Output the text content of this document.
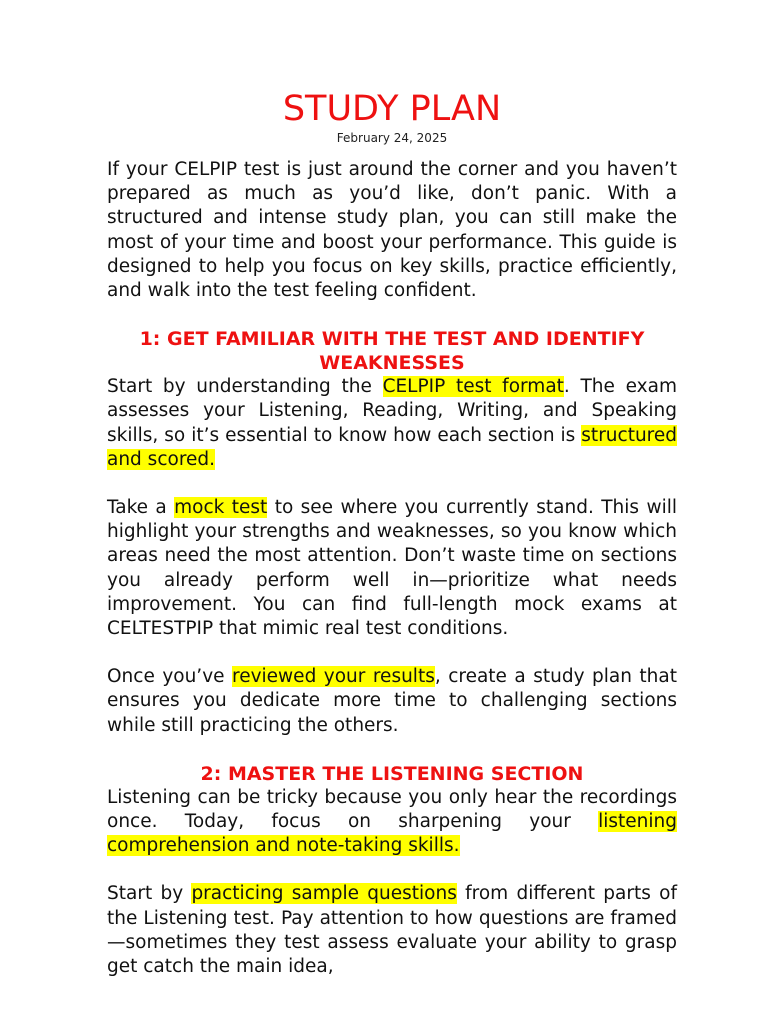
STUDY PLAN
February 24, 2025

If your CELPIP test is just around the corner and you haven’t prepared as much as you’d like, don’t panic. With a structured and intense study plan, you can still make the most of your time and boost your performance. This guide is designed to help you focus on key skills, practice efficiently, and walk into the test feeling confident.

1: GET FAMILIAR WITH THE TEST AND IDENTIFY WEAKNESSES

Start by understanding the CELPIP test format. The exam assesses your Listening, Reading, Writing, and Speaking skills, so it’s essential to know how each section is structured and scored.

Take a mock test to see where you currently stand. This will highlight your strengths and weaknesses, so you know which areas need the most attention. Don’t waste time on sections you already perform well in—prioritize what needs improvement. You can find full-length mock exams at CELTESTPIP that mimic real test conditions.

Once you’ve reviewed your results, create a study plan that ensures you dedicate more time to challenging sections while still practicing the others.

2: MASTER THE LISTENING SECTION

Listening can be tricky because you only hear the recordings once. Today, focus on sharpening your listening comprehension and note-taking skills.

Start by practicing sample questions from different parts of the Listening test. Pay attention to how questions are framed—sometimes they test assess evaluate your ability to grasp get catch the main idea,
